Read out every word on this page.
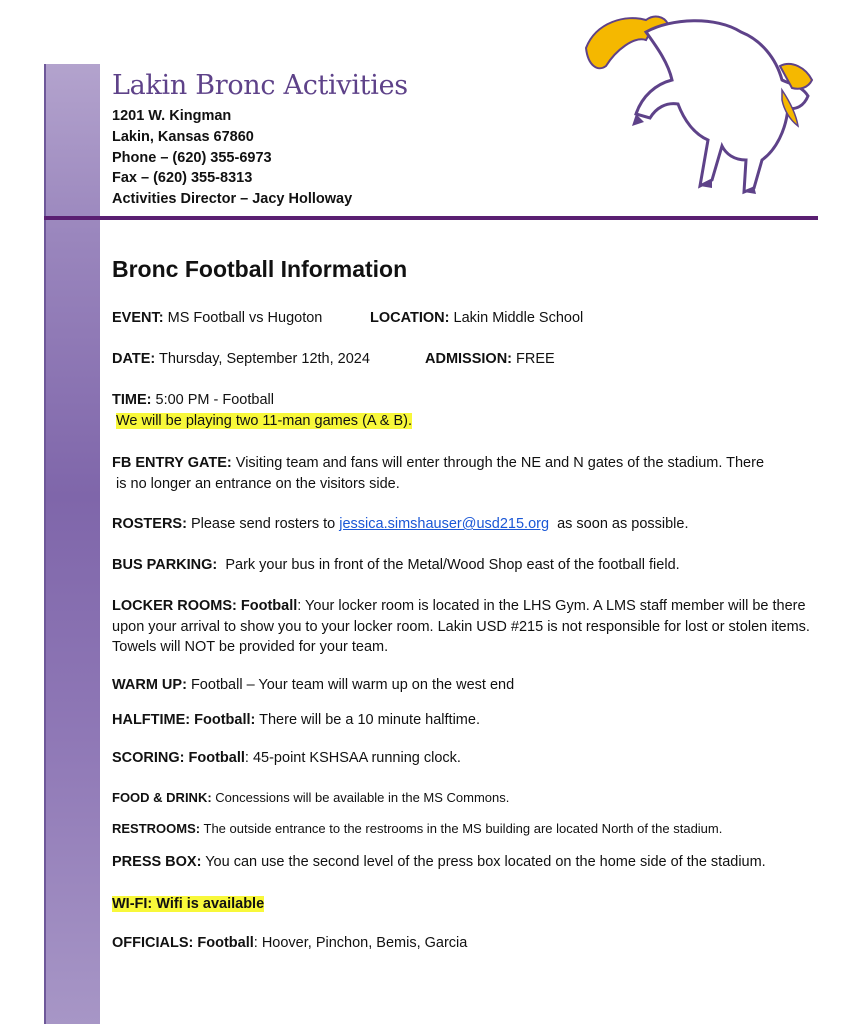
Lakin Bronc Activities
1201 W. Kingman
Lakin, Kansas 67860
Phone – (620) 355-6973
Fax – (620) 355-8313
Activities Director – Jacy Holloway
Bronc Football Information
EVENT: MS Football vs Hugoton	LOCATION: Lakin Middle School
DATE: Thursday, September 12th, 2024	ADMISSION: FREE
TIME: 5:00 PM - Football
We will be playing two 11-man games (A & B).
FB ENTRY GATE: Visiting team and fans will enter through the NE and N gates of the stadium. There
is no longer an entrance on the visitors side.
ROSTERS: Please send rosters to jessica.simshauser@usd215.org as soon as possible.
BUS PARKING: Park your bus in front of the Metal/Wood Shop east of the football field.
LOCKER ROOMS: Football: Your locker room is located in the LHS Gym. A LMS staff member will be there upon your arrival to show you to your locker room. Lakin USD #215 is not responsible for lost or stolen items. Towels will NOT be provided for your team.
WARM UP: Football – Your team will warm up on the west end
HALFTIME: Football: There will be a 10 minute halftime.
SCORING: Football: 45-point KSHSAA running clock.
FOOD & DRINK: Concessions will be available in the MS Commons.
RESTROOMS: The outside entrance to the restrooms in the MS building are located North of the stadium.
PRESS BOX: You can use the second level of the press box located on the home side of the stadium.
WI-FI: Wifi is available
OFFICIALS: Football: Hoover, Pinchon, Bemis, Garcia
